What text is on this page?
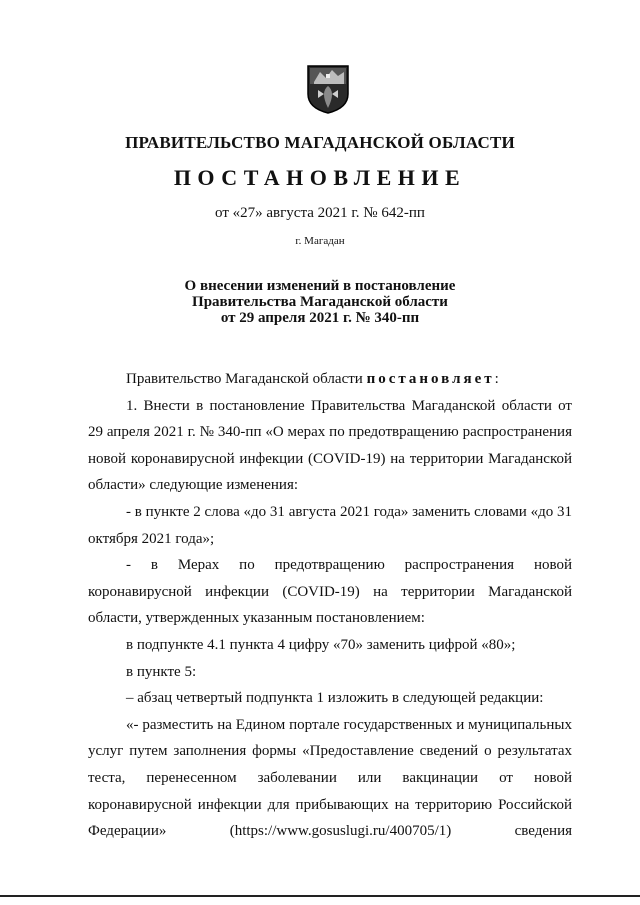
ПРАВИТЕЛЬСТВО МАГАДАНСКОЙ ОБЛАСТИ
ПОСТАНОВЛЕНИЕ
от «27» августа 2021 г. № 642-пп
г. Магадан
О внесении изменений в постановление
Правительства Магаданской области
от 29 апреля 2021 г. № 340-пп

Правительство Магаданской области постановляет:

1. Внести в постановление Правительства Магаданской области от 29 апреля 2021 г. № 340-пп «О мерах по предотвращению распространения новой коронавирусной инфекции (COVID-19) на территории Магаданской области» следующие изменения:

- в пункте 2 слова «до 31 августа 2021 года» заменить словами «до 31 октября 2021 года»;

- в Мерах по предотвращению распространения новой коронавирусной инфекции (COVID-19) на территории Магаданской области, утвержденных указанным постановлением:

в подпункте 4.1 пункта 4 цифру «70» заменить цифрой «80»;

в пункте 5:

– абзац четвертый подпункта 1 изложить в следующей редакции:

«- разместить на Едином портале государственных и муниципальных услуг путем заполнения формы «Предоставление сведений о результатах теста, перенесенном заболевании или вакцинации от новой коронавирусной инфекции для прибывающих на территорию Российской Федерации» (https://www.gosuslugi.ru/400705/1) сведения
